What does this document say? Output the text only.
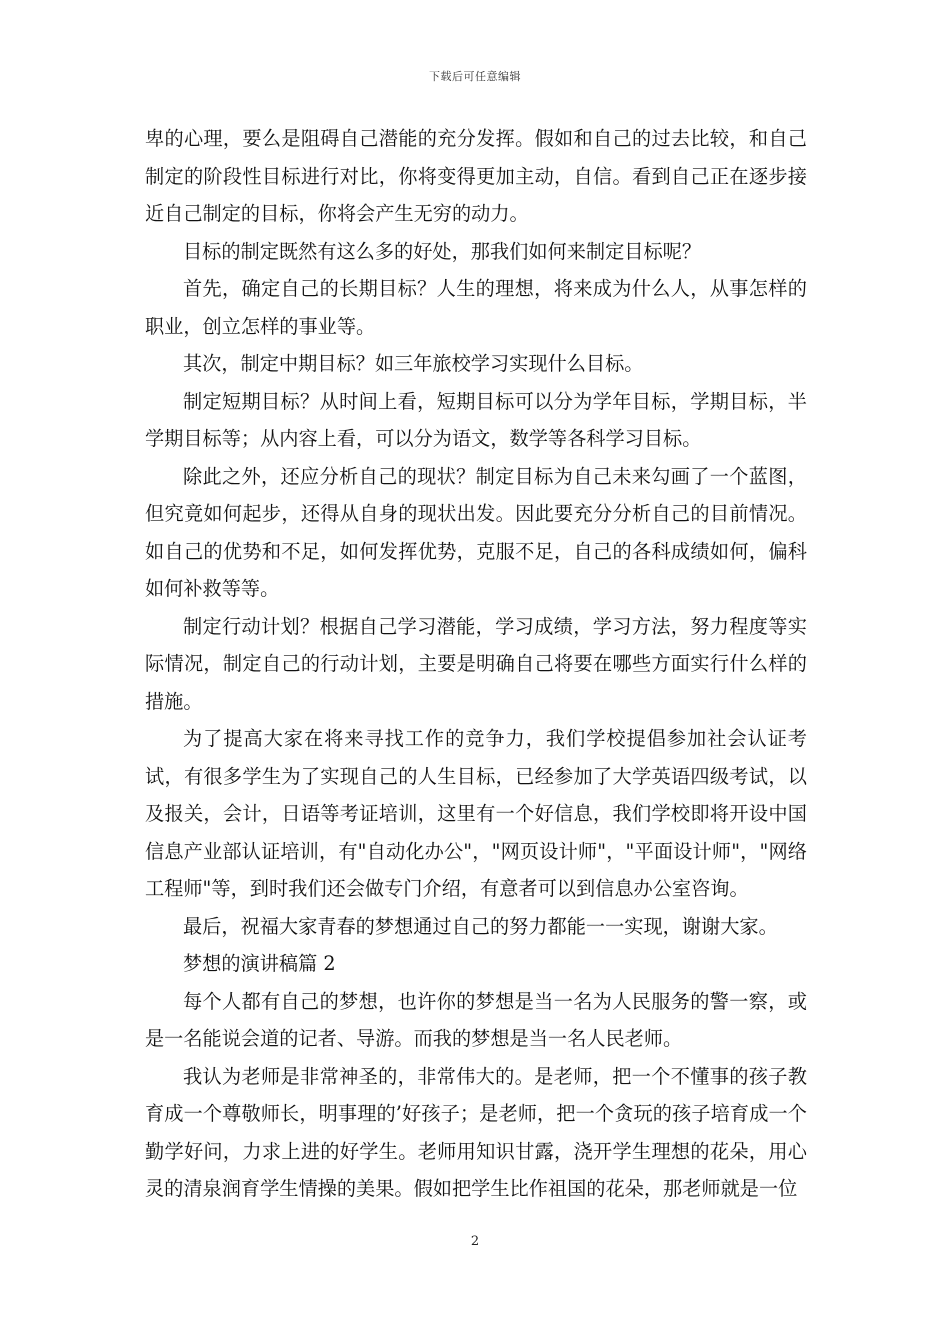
下载后可任意编辑

卑的心理，要么是阻碍自己潜能的充分发挥。假如和自己的过去比较，和自己制定的阶段性目标进行对比，你将变得更加主动，自信。看到自己正在逐步接近自己制定的目标，你将会产生无穷的动力。

目标的制定既然有这么多的好处，那我们如何来制定目标呢？

首先，确定自己的长期目标？人生的理想，将来成为什么人，从事怎样的职业，创立怎样的事业等。

其次，制定中期目标？如三年旅校学习实现什么目标。

制定短期目标？从时间上看，短期目标可以分为学年目标，学期目标，半学期目标等；从内容上看，可以分为语文，数学等各科学习目标。

除此之外，还应分析自己的现状？制定目标为自己未来勾画了一个蓝图，但究竟如何起步，还得从自身的现状出发。因此要充分分析自己的目前情况。如自己的优势和不足，如何发挥优势，克服不足，自己的各科成绩如何，偏科如何补救等等。

制定行动计划？根据自己学习潜能，学习成绩，学习方法，努力程度等实际情况，制定自己的行动计划，主要是明确自己将要在哪些方面实行什么样的措施。

为了提高大家在将来寻找工作的竞争力，我们学校提倡参加社会认证考试，有很多学生为了实现自己的人生目标，已经参加了大学英语四级考试，以及报关，会计，日语等考证培训，这里有一个好信息，我们学校即将开设中国信息产业部认证培训，有"自动化办公"，"网页设计师"，"平面设计师"，"网络工程师"等，到时我们还会做专门介绍，有意者可以到信息办公室咨询。

最后，祝福大家青春的梦想通过自己的努力都能一一实现，谢谢大家。

梦想的演讲稿篇 2

每个人都有自己的梦想，也许你的梦想是当一名为人民服务的警一察，或是一名能说会道的记者、导游。而我的梦想是当一名人民老师。

我认为老师是非常神圣的，非常伟大的。是老师，把一个不懂事的孩子教育成一个尊敬师长，明事理的’好孩子；是老师，把一个贪玩的孩子培育成一个勤学好问，力求上进的好学生。老师用知识甘露，浇开学生理想的花朵，用心灵的清泉润育学生情操的美果。假如把学生比作祖国的花朵，那老师就是一位

2
